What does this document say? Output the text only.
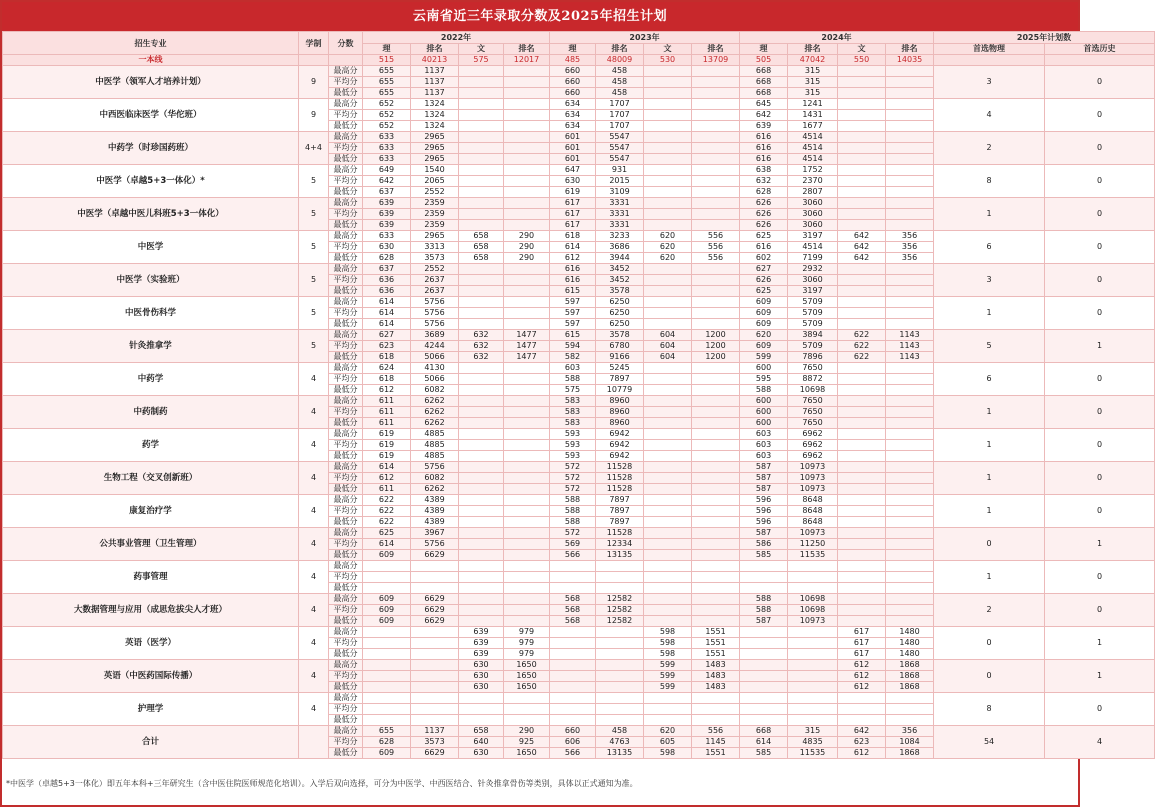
云南省近三年录取分数及2025年招生计划
招生专业	学制	分数	2022年				2023年				2024年				2025年计划数	
			理	排名	文	排名	理	排名	文	排名	理	排名	文	排名	首选物理	首选历史
一本线			515	40213	575	12017	485	48009	530	13709	505	47042	550	14035		
中医学（领军人才培养计划）	9	最高分	655	1137			660	458			668	315			3	0
		平均分	655	1137			660	458			668	315				
		最低分	655	1137			660	458			668	315				
中西医临床医学（华佗班）	9	最高分	652	1324			634	1707			645	1241			4	0
		平均分	652	1324			634	1707			642	1431				
		最低分	652	1324			634	1707			639	1677				
中药学（时珍国药班）	4+4	最高分	633	2965			601	5547			616	4514			2	0
		平均分	633	2965			601	5547			616	4514				
		最低分	633	2965			601	5547			616	4514				
中医学（卓越5+3一体化）*	5	最高分	649	1540			647	931			638	1752			8	0
		平均分	642	2065			630	2015			632	2370				
		最低分	637	2552			619	3109			628	2807				
中医学（卓越中医儿科班5+3一体化）	5	最高分	639	2359			617	3331			626	3060			1	0
		平均分	639	2359			617	3331			626	3060				
		最低分	639	2359			617	3331			626	3060				
中医学	5	最高分	633	2965	658	290	618	3233	620	556	625	3197	642	356	6	0
		平均分	630	3313	658	290	614	3686	620	556	616	4514	642	356		
		最低分	628	3573	658	290	612	3944	620	556	602	7199	642	356		
中医学（实验班）	5	最高分	637	2552			616	3452			627	2932			3	0
		平均分	636	2637			616	3452			626	3060				
		最低分	636	2637			615	3578			625	3197				
中医骨伤科学	5	最高分	614	5756			597	6250			609	5709			1	0
		平均分	614	5756			597	6250			609	5709				
		最低分	614	5756			597	6250			609	5709				
针灸推拿学	5	最高分	627	3689	632	1477	615	3578	604	1200	620	3894	622	1143	5	1
		平均分	623	4244	632	1477	594	6780	604	1200	609	5709	622	1143		
		最低分	618	5066	632	1477	582	9166	604	1200	599	7896	622	1143		
中药学	4	最高分	624	4130			603	5245			600	7650			6	0
		平均分	618	5066			588	7897			595	8872				
		最低分	612	6082			575	10779			588	10698				
中药制药	4	最高分	611	6262			583	8960			600	7650			1	0
		平均分	611	6262			583	8960			600	7650				
		最低分	611	6262			583	8960			600	7650				
药学	4	最高分	619	4885			593	6942			603	6962			1	0
		平均分	619	4885			593	6942			603	6962				
		最低分	619	4885			593	6942			603	6962				
生物工程（交叉创新班）	4	最高分	614	5756			572	11528			587	10973			1	0
		平均分	612	6082			572	11528			587	10973				
		最低分	611	6262			572	11528			587	10973				
康复治疗学	4	最高分	622	4389			588	7897			596	8648			1	0
		平均分	622	4389			588	7897			596	8648				
		最低分	622	4389			588	7897			596	8648				
公共事业管理（卫生管理）	4	最高分	625	3967			572	11528			587	10973			0	1
		平均分	614	5756			569	12334			586	11250				
		最低分	609	6629			566	13135			585	11535				
药事管理	4	最高分													1	0
		平均分														
		最低分														
大数据管理与应用（成思危拔尖人才班）	4	最高分	609	6629			568	12582			588	10698			2	0
		平均分	609	6629			568	12582			588	10698				
		最低分	609	6629			568	12582			587	10973				
英语（医学）	4	最高分			639	979			598	1551			617	1480	0	1
		平均分			639	979			598	1551			617	1480		
		最低分			639	979			598	1551			617	1480		
英语（中医药国际传播）	4	最高分			630	1650			599	1483			612	1868	0	1
		平均分			630	1650			599	1483			612	1868		
		最低分			630	1650			599	1483			612	1868		
护理学	4	最高分													8	0
		平均分														
		最低分														
合计		最高分	655	1137	658	290	660	458	620	556	668	315	642	356	54	4
		平均分	628	3573	640	925	606	4763	605	1145	614	4835	623	1084		
		最低分	609	6629	630	1650	566	13135	598	1551	585	11535	612	1868		
*中医学（卓越5+3一体化）即五年本科+三年研究生（含中医住院医师规范化培训）。入学后双向选择，可分为中医学、中西医结合、针灸推拿骨伤等类别，具体以正式通知为准。
